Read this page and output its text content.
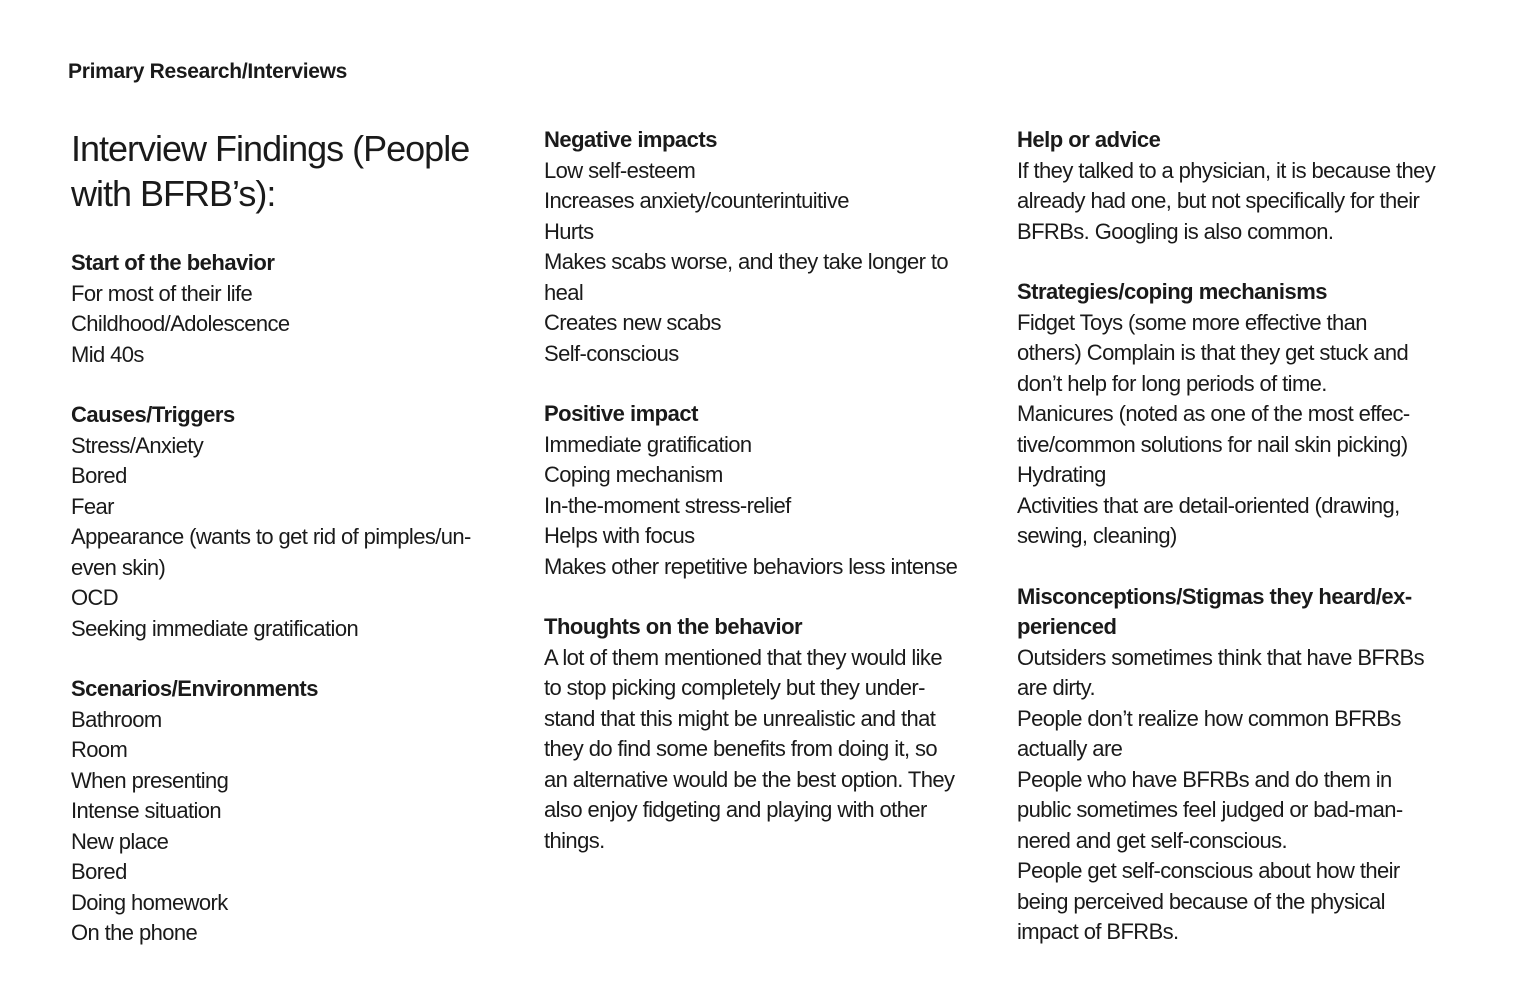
Primary Research/Interviews
Interview Findings (People
with BFRB’s):
Start of the behavior
For most of their life
Childhood/Adolescence
Mid 40s
Causes/Triggers
Stress/Anxiety
Bored
Fear
Appearance (wants to get rid of pimples/un-
even skin)
OCD
Seeking immediate gratification
Scenarios/Environments
Bathroom
Room
When presenting
Intense situation
New place
Bored
Doing homework
On the phone
Negative impacts
Low self-esteem
Increases anxiety/counterintuitive
Hurts
Makes scabs worse, and they take longer to
heal
Creates new scabs
Self-conscious
Positive impact
Immediate gratification
Coping mechanism
In-the-moment stress-relief
Helps with focus
Makes other repetitive behaviors less intense
Thoughts on the behavior
A lot of them mentioned that they would like
to stop picking completely but they under-
stand that this might be unrealistic and that
they do find some benefits from doing it, so
an alternative would be the best option. They
also enjoy fidgeting and playing with other
things.
Help or advice
If they talked to a physician, it is because they
already had one, but not specifically for their
BFRBs. Googling is also common.
Strategies/coping mechanisms
Fidget Toys (some more effective than
others) Complain is that they get stuck and
don’t help for long periods of time.
Manicures (noted as one of the most effec-
tive/common solutions for nail skin picking)
Hydrating
Activities that are detail-oriented (drawing,
sewing, cleaning)
Misconceptions/Stigmas they heard/ex-
perienced
Outsiders sometimes think that have BFRBs
are dirty.
People don’t realize how common BFRBs
actually are
People who have BFRBs and do them in
public sometimes feel judged or bad-man-
nered and get self-conscious.
People get self-conscious about how their
being perceived because of the physical
impact of BFRBs.
